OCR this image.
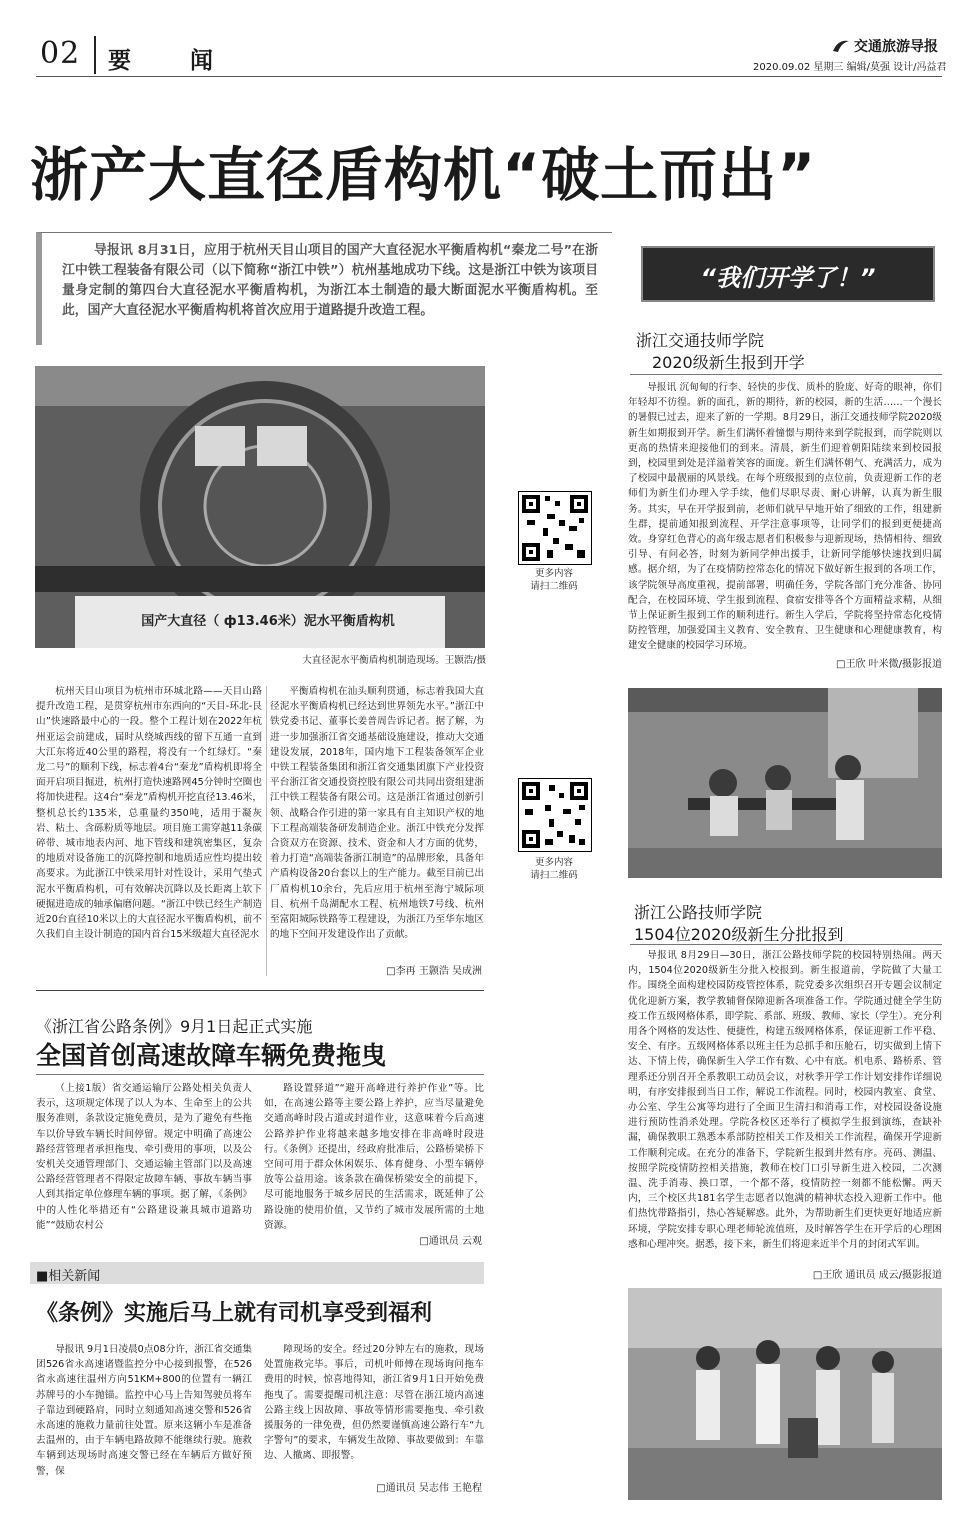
02 要　闻
交通旅游导报
2020.09.02 星期三 编辑/莫强 设计/冯益君
浙产大直径盾构机“破土而出”
导报讯 8月31日，应用于杭州天目山项目的国产大直径泥水平衡盾构机“秦龙二号”在浙江中铁工程装备有限公司（以下简称“浙江中铁”）杭州基地成功下线。这是浙江中铁为该项目量身定制的第四台大直径泥水平衡盾构机，为浙江本土制造的最大断面泥水平衡盾构机。至此，国产大直径泥水平衡盾构机将首次应用于道路提升改造工程。
国产大直径（ ф13.46米）泥水平衡盾构机
大直径泥水平衡盾构机制造现场。王颢浩/摄
更多内容
请扫二维码
更多内容
请扫二维码
杭州天目山项目为杭州市环城北路——天目山路提升改造工程，是贯穿杭州市东西向的“天目-环北-艮山”快速路最中心的一段。整个工程计划在2022年杭州亚运会前建成，届时从绕城西线的留下互通一直到大江东将近40公里的路程，将没有一个红绿灯。“秦龙二号”的顺利下线，标志着4台“秦龙”盾构机即将全面开启项目掘进，杭州打造快速路网45分钟时空圈也将加快进程。这4台“秦龙”盾构机开挖直径13.46米，整机总长约135米，总重量约350吨，适用于凝灰岩、粘土、含砾粉质等地层。项目施工需穿越11条碳碎带、城市地表内河、地下管线和建筑密集区，复杂的地质对设备施工的沉降控制和地质适应性均提出较高要求。为此浙江中铁采用针对性设计，采用气垫式泥水平衡盾构机，可有效解决沉降以及长距离上软下硬掘进造成的轴承偏磨问题。“浙江中铁已经生产制造近20台直径10米以上的大直径泥水平衡盾构机，前不久我们自主设计制造的国内首台15米级超大直径泥水
平衡盾构机在汕头顺利贯通，标志着我国大直径泥水平衡盾构机已经达到世界领先水平。”浙江中铁党委书记、董事长姜普周告诉记者。据了解，为进一步加强浙江省交通基础设施建设，推动大交通建设发展，2018年，国内地下工程装备领军企业中铁工程装备集团和浙江省交通集团旗下产业投资平台浙江省交通投资控股有限公司共同出资组建浙江中铁工程装备有限公司。这是浙江省通过创新引领、战略合作引进的第一家具有自主知识产权的地下工程高端装备研发制造企业。浙江中铁充分发挥合资双方在资源、技术、资金和人才方面的优势，着力打造“高端装备浙江制造”的品牌形象，具备年产盾构设备20台套以上的生产能力。截至目前已出厂盾构机10余台，先后应用于杭州至海宁城际项目、杭州千岛湖配水工程、杭州地铁7号线、杭州至富阳城际铁路等工程建设，为浙江乃至华东地区的地下空间开发建设作出了贡献。
□李再 王颢浩 吴成洲
《浙江省公路条例》9月1日起正式实施
全国首创高速故障车辆免费拖曳
（上接1版）省交通运输厅公路处相关负责人表示，这项规定体现了以人为本、生命至上的公共服务准则，条款设定施免费员，是为了避免有些拖车以价导致车辆长时间停留。规定中明确了高速公路经营管理者承担拖曳、牵引费用的事项，以及公安机关交通管理部门、交通运输主管部门以及高速公路经营管理者不得限定故障车辆、事故车辆当事人到其指定单位修理车辆的事项。据了解，《条例》中的人性化举措还有“公路建设兼具城市道路功能”“鼓励农村公
路设置驿道”“避开高峰进行养护作业”等。比如，在高速公路等主要公路上养护，应当尽量避免交通高峰时段占道或封道作业，这意味着今后高速公路养护作业将越来越多地安排在非高峰时段进行。《条例》还提出，经政府批准后，公路桥梁桥下空间可用于群众休闲娱乐、体育健身、小型车辆停放等公益用途。该条款在确保桥梁安全的前提下，尽可能地服务于城乡居民的生活需求，既延伸了公路设施的使用价值，又节约了城市发展所需的土地资源。
□通讯员 云观
■相关新闻
《条例》实施后马上就有司机享受到福利
导报讯 9月1日凌晨0点08分许，浙江省交通集团526省永高速诸暨监控分中心接到报警，在526省永高速往温州方向51KM+800的位置有一辆江苏牌号的小车抛锚。监控中心马上告知驾驶员将车子靠边到硬路肩，同时立刻通知高速交警和526省永高速的施救力量前往处置。原来这辆小车是准备去温州的，由于车辆电路故障不能继续行驶。施救车辆到达现场时高速交警已经在车辆后方做好预警，保
障现场的安全。经过20分钟左右的施救，现场处置施救完毕。事后，司机叶师傅在现场询问拖车费用的时候，惊喜地得知，浙江省9月1日开始免费拖曳了。需要提醒司机注意：尽管在浙江境内高速公路主线上因故障、事故等情形需要拖曳、牵引救援服务的一律免费，但仍然要谨慎高速公路行车“九字警句”的要求，车辆发生故障、事故要做到：车靠边、人撤离、即报警。
□通讯员 吴志伟 王艳程
“我们开学了！”
浙江交通技师学院
2020级新生报到开学
导报讯 沉甸甸的行李、轻快的步伐、质朴的脸庞、好奇的眼神，你们年轻却不彷徨。新的面孔，新的期待，新的校园，新的生活……一个漫长的暑假已过去，迎来了新的一学期。8月29日，浙江交通技师学院2020级新生如期报到开学。新生们满怀着憧憬与期待来到学院报到，而学院则以更高的热情来迎接他们的到来。清晨，新生们迎着朝阳陆续来到校园报到，校园里到处是洋溢着笑容的面庞。新生们满怀朝气、充满活力，成为了校园中最靓丽的风景线。在每个班级报到的点位前，负责迎新工作的老师们为新生们办理入学手续，他们尽职尽责、耐心讲解，认真为新生服务。其实，早在开学报到前，老师们就早早地开始了细致的工作，组建新生群，提前通知报到流程、开学注意事项等，让同学们的报到更便捷高效。身穿红色背心的高年级志愿者们积极参与迎新现场，热情相待、细致引导、有问必答，时刻为新同学伸出援手，让新同学能够快速找到归属感。据介绍，为了在疫情防控常态化的情况下做好新生报到的各项工作，该学院领导高度重视，提前部署，明确任务，学院各部门充分准备、协同配合，在校园环境、学生报到流程、食宿安排等各个方面精益求精，从细节上保证新生报到工作的顺利进行。新生入学后，学院将坚持常态化疫情防控管理，加强爱国主义教育、安全教育、卫生健康和心理健康教育，构建安全健康的校园学习环境。
□王欣 叶米微/摄影报道
浙江公路技师学院
1504位2020级新生分批报到
导报讯 8月29日—30日，浙江公路技师学院的校园特别热闹。两天内，1504位2020级新生分批入校报到。新生报道前，学院做了大量工作。围绕全面构建校园防疫管控体系，院党委多次组织召开专题会议制定优化迎新方案，教学教辅督保障迎新各项准备工作。学院通过健全学生防疫工作五级网格体系，即学院、系部、班级、教师、家长（学生）。充分利用各个网格的发达性、便捷性，构建五级网格体系，保证迎新工作平稳、安全、有序。五级网格体系以班主任为总抓手和压舱石，切实做到上情下达、下情上传，确保新生入学工作有数、心中有底。机电系、路桥系、管理系还分别召开全系教职工动员会议，对秋季开学工作计划安排作详细说明，有序安排报到当日工作，解说工作流程。同时，校园内教室、食堂、办公室、学生公寓等均进行了全面卫生清扫和消毒工作，对校园设备设施进行预防性消杀处理。学院各校区还举行了模拟学生报到演练，查缺补漏，确保教职工熟悉本系部防控相关工作及相关工作流程，确保开学迎新工作顺利完成。在充分的准备下，学院新生报到井然有序。亮码、测温、按照学院疫情防控相关措施，教师在校门口引导新生进入校园，二次测温、洗手消毒、换口罩，一个都不落，疫情防控一刻都不能松懈。两天内，三个校区共181名学生志愿者以饱满的精神状态投入迎新工作中。他们热忱带路指引，热心答疑解惑。此外，为帮助新生们更快更好地适应新环境，学院安排专职心理老师轮流值班，及时解答学生在开学后的心理困惑和心理冲突。据悉，接下来，新生们将迎来近半个月的封闭式军训。
□王欣 通讯员 成云/摄影报道
